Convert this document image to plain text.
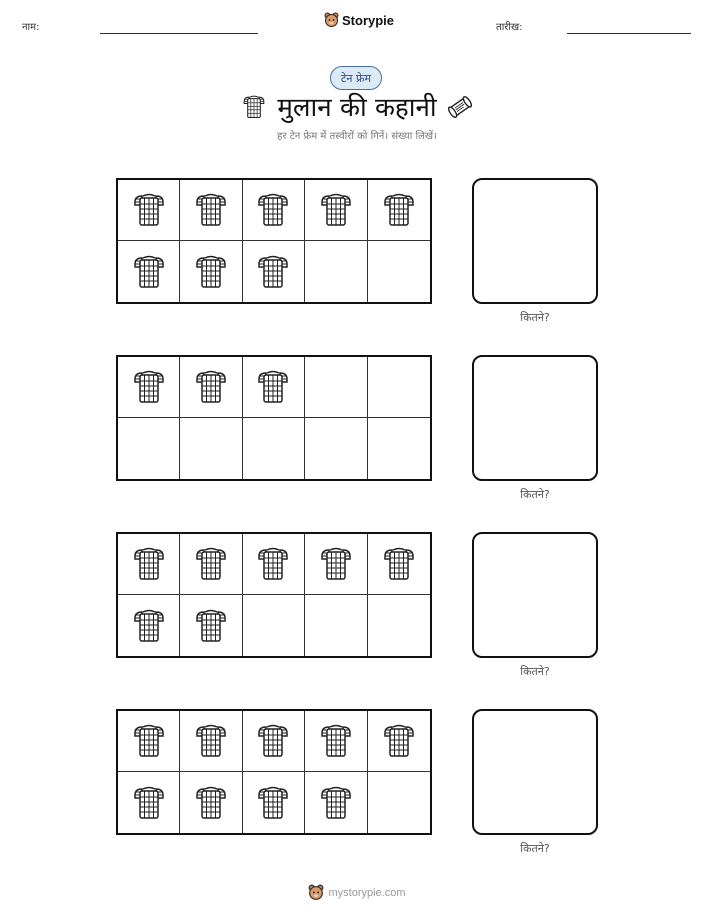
नाम:	Storypie	तारीख:
टेन फ्रेम
मुलान की कहानी
हर टेन फ्रेम में तस्वीरों को गिनें। संख्या लिखें।
कितने?
कितने?
कितने?
कितने?
mystorypie.com
